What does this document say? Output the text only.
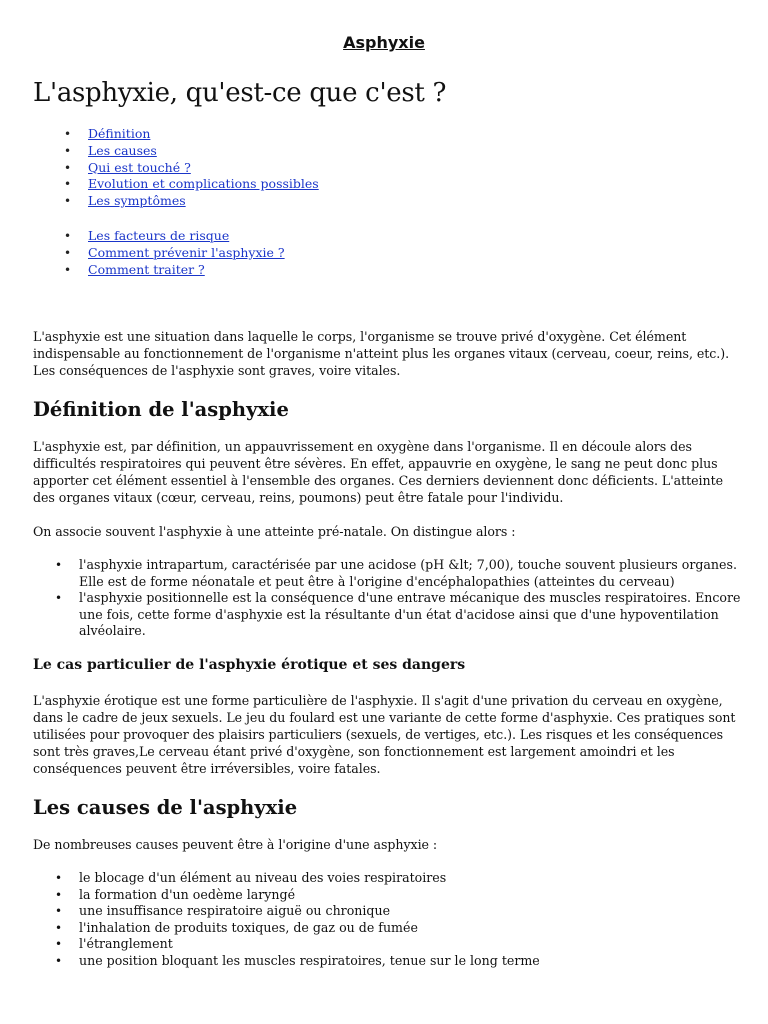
Asphyxie

L'asphyxie, qu'est-ce que c'est ?
• Définition
• Les causes
• Qui est touché ?
• Evolution et complications possibles
• Les symptômes
• Les facteurs de risque
• Comment prévenir l'asphyxie ?
• Comment traiter ?

L'asphyxie est une situation dans laquelle le corps, l'organisme se trouve privé d'oxygène. Cet élément indispensable au fonctionnement de l'organisme n'atteint plus les organes vitaux (cerveau, coeur, reins, etc.). Les conséquences de l'asphyxie sont graves, voire vitales.

Définition de l'asphyxie

L'asphyxie est, par définition, un appauvrissement en oxygène dans l'organisme. Il en découle alors des difficultés respiratoires qui peuvent être sévères. En effet, appauvrie en oxygène, le sang ne peut donc plus apporter cet élément essentiel à l'ensemble des organes. Ces derniers deviennent donc déficients. L'atteinte des organes vitaux (cœur, cerveau, reins, poumons) peut être fatale pour l'individu.

On associe souvent l'asphyxie à une atteinte pré-natale. On distingue alors :

• l'asphyxie intrapartum, caractérisée par une acidose (pH &lt; 7,00), touche souvent plusieurs organes. Elle est de forme néonatale et peut être à l'origine d'encéphalopathies (atteintes du cerveau)
• l'asphyxie positionnelle est la conséquence d'une entrave mécanique des muscles respiratoires. Encore une fois, cette forme d'asphyxie est la résultante d'un état d'acidose ainsi que d'une hypoventilation alvéolaire.
Le cas particulier de l'asphyxie érotique et ses dangers

L'asphyxie érotique est une forme particulière de l'asphyxie. Il s'agit d'une privation du cerveau en oxygène, dans le cadre de jeux sexuels. Le jeu du foulard est une variante de cette forme d'asphyxie. Ces pratiques sont utilisées pour provoquer des plaisirs particuliers (sexuels, de vertiges, etc.). Les risques et les conséquences sont très graves,Le cerveau étant privé d'oxygène, son fonctionnement est largement amoindri et les conséquences peuvent être irréversibles, voire fatales.

Les causes de l'asphyxie

De nombreuses causes peuvent être à l'origine d'une asphyxie :

• le blocage d'un élément au niveau des voies respiratoires
• la formation d'un oedème laryngé
• une insuffisance respiratoire aiguë ou chronique
• l'inhalation de produits toxiques, de gaz ou de fumée
• l'étranglement
• une position bloquant les muscles respiratoires, tenue sur le long terme
